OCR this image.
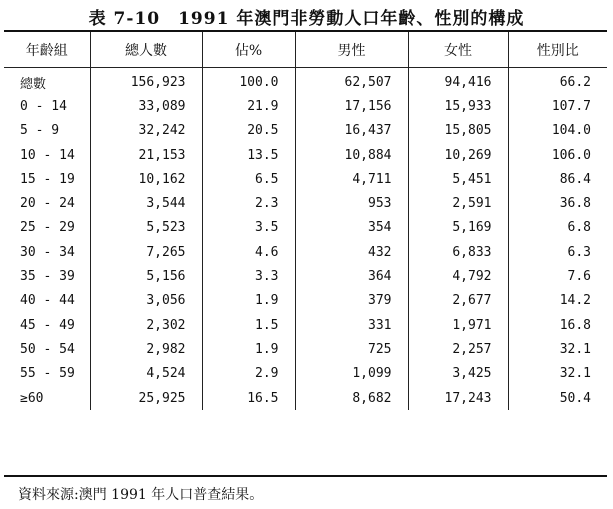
表 7-10　1991 年澳門非勞動人口年齡、性別的構成
年齡組	總人數	佔%	男性	女性	性別比
總數	156,923	100.0	62,507	94,416	66.2
0 - 14	33,089	21.9	17,156	15,933	107.7
5 - 9	32,242	20.5	16,437	15,805	104.0
10 - 14	21,153	13.5	10,884	10,269	106.0
15 - 19	10,162	6.5	4,711	5,451	86.4
20 - 24	3,544	2.3	953	2,591	36.8
25 - 29	5,523	3.5	354	5,169	6.8
30 - 34	7,265	4.6	432	6,833	6.3
35 - 39	5,156	3.3	364	4,792	7.6
40 - 44	3,056	1.9	379	2,677	14.2
45 - 49	2,302	1.5	331	1,971	16.8
50 - 54	2,982	1.9	725	2,257	32.1
55 - 59	4,524	2.9	1,099	3,425	32.1
≥60	25,925	16.5	8,682	17,243	50.4
資料來源:澳門 1991 年人口普查結果。
